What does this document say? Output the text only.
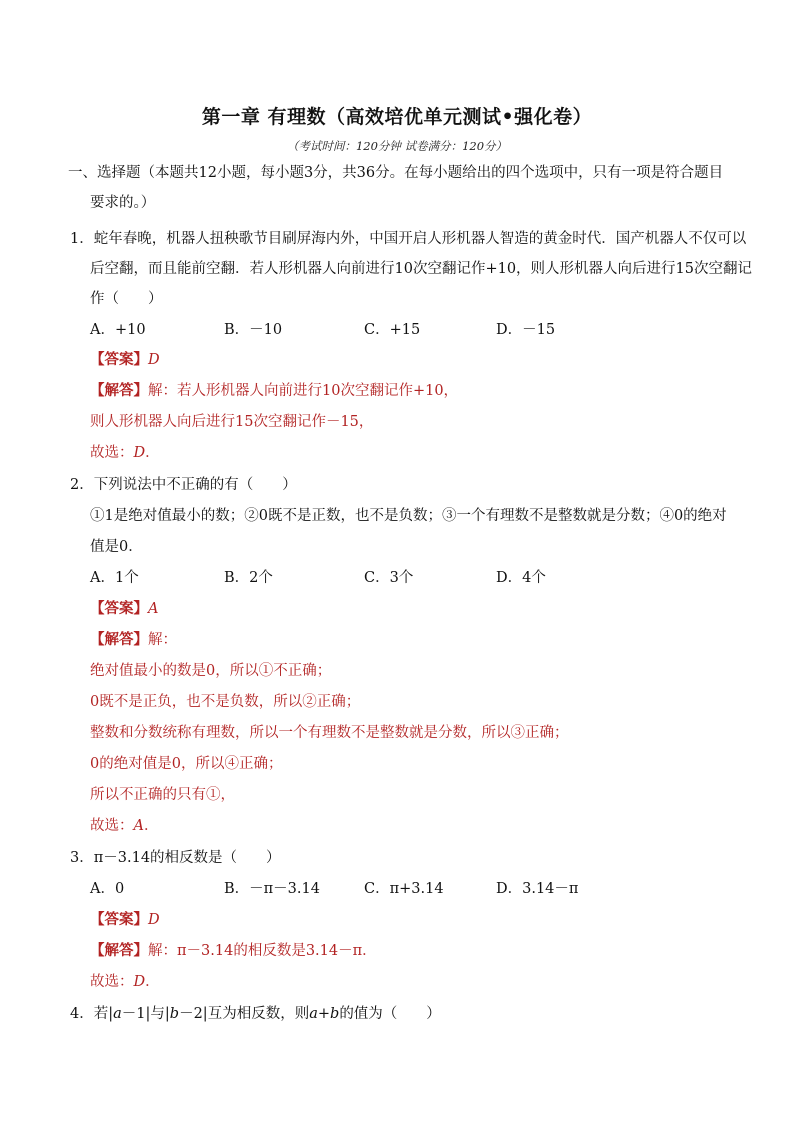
第一章 有理数（高效培优单元测试•强化卷）
（考试时间：120分钟 试卷满分：120分）
一、选择题（本题共12小题，每小题3分，共36分。在每小题给出的四个选项中，只有一项是符合题目
要求的。）
1．蛇年春晚，机器人扭秧歌节目刷屏海内外，中国开启人形机器人智造的黄金时代．国产机器人不仅可以
后空翻，而且能前空翻．若人形机器人向前进行10次空翻记作+10，则人形机器人向后进行15次空翻记
作（　　）
A．+10	B．－10	C．+15	D．－15
【答案】D
【解答】解：若人形机器人向前进行10次空翻记作+10，
则人形机器人向后进行15次空翻记作－15，
故选：D．
2．下列说法中不正确的有（　　）
①1是绝对值最小的数；②0既不是正数，也不是负数；③一个有理数不是整数就是分数；④0的绝对
值是0．
A．1个	B．2个	C．3个	D．4个
【答案】A
【解答】解：
绝对值最小的数是0，所以①不正确；
0既不是正负，也不是负数，所以②正确；
整数和分数统称有理数，所以一个有理数不是整数就是分数，所以③正确；
0的绝对值是0，所以④正确；
所以不正确的只有①，
故选：A．
3．π－3.14的相反数是（　　）
A．0	B．－π－3.14	C．π+3.14	D．3.14－π
【答案】D
【解答】解：π－3.14的相反数是3.14－π．
故选：D．
4．若|a－1|与|b－2|互为相反数，则a+b的值为（　　）
